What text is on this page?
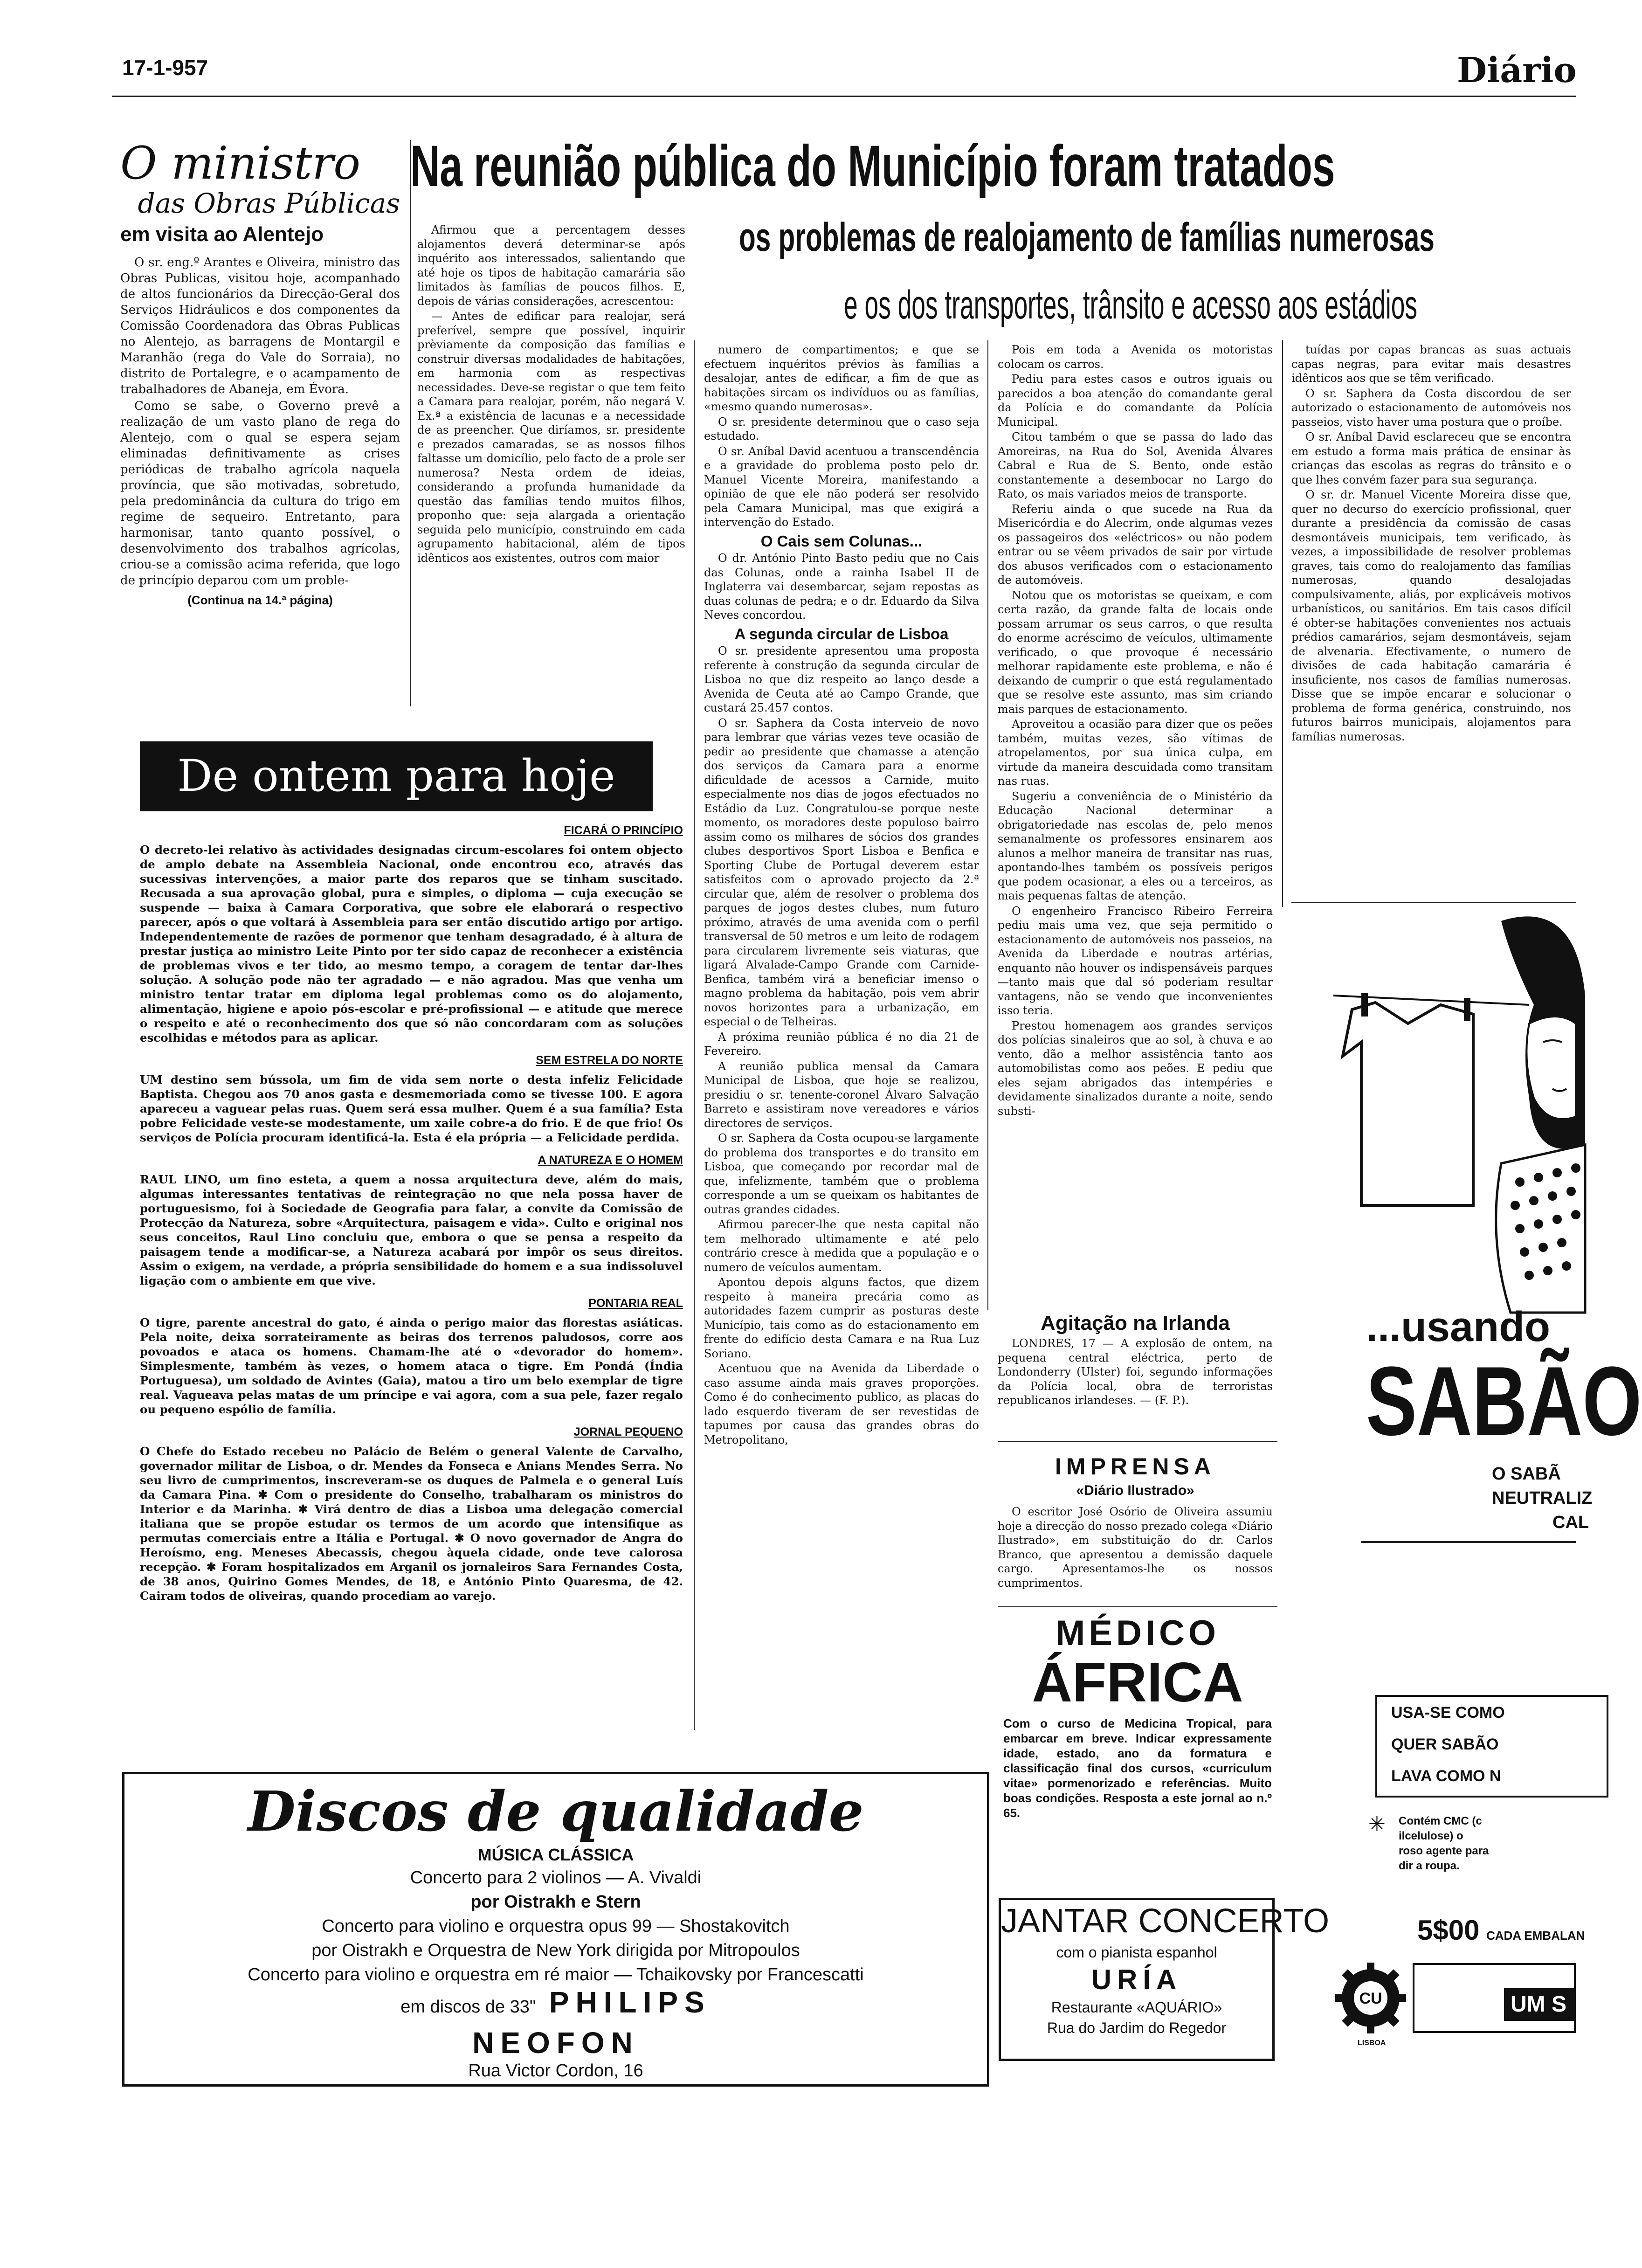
17-1-957	Diário
O ministro
das Obras Públicas
em visita ao Alentejo

O sr. eng.º Arantes e Oliveira, ministro das Obras Publicas, visitou hoje, acompanhado de altos funcionários da Direcção-Geral dos Serviços Hidráulicos e dos componentes da Comissão Coordenadora das Obras Publicas no Alentejo, as barragens de Montargil e Maranhão (rega do Vale do Sorraia), no distrito de Portalegre, e o acampamento de trabalhadores de Abaneja, em Évora.

Como se sabe, o Governo prevê a realização de um vasto plano de rega do Alentejo, com o qual se espera sejam eliminadas definitivamente as crises periódicas de trabalho agrícola naquela província, que são motivadas, sobretudo, pela predominância da cultura do trigo em regime de sequeiro. Entretanto, para harmonisar, tanto quanto possível, o desenvolvimento dos trabalhos agrícolas, criou-se a comissão acima referida, que logo de princípio deparou com um proble-

(Continua na 14.ª página)
Na reunião pública do Município foram tratados
os problemas de realojamento de famílias numerosas
e os dos transportes, trânsito e acesso aos estádios

Afirmou que a percentagem desses alojamentos deverá determinar-se após inquérito aos interessados, salientando que até hoje os tipos de habitação camarária são limitados às famílias de poucos filhos. E, depois de várias considerações, acrescentou:

— Antes de edificar para realojar, será preferível, sempre que possível, inquirir prèviamente da composição das famílias e construir diversas modalidades de habitações, em harmonia com as respectivas necessidades. Deve-se registar o que tem feito a Camara para realojar, porém, não negará V. Ex.ª a existência de lacunas e a necessidade de as preencher. Que diríamos, sr. presidente e prezados camaradas, se as nossos filhos faltasse um domicílio, pelo facto de a prole ser numerosa? Nesta ordem de ideias, considerando a profunda humanidade da questão das famílias tendo muitos filhos, proponho que: seja alargada a orientação seguida pelo município, construindo em cada agrupamento habitacional, além de tipos idênticos aos existentes, outros com maior

numero de compartimentos; e que se efectuem inquéritos prévios às famílias a desalojar, antes de edificar, a fim de que as habitações sircam os indivíduos ou as famílias, «mesmo quando numerosas».

O sr. presidente determinou que o caso seja estudado.

O sr. Aníbal David acentuou a transcendência e a gravidade do problema posto pelo dr. Manuel Vicente Moreira, manifestando a opinião de que ele não poderá ser resolvido pela Camara Municipal, mas que exigirá a intervenção do Estado.

O Cais sem Colunas...

O dr. António Pinto Basto pediu que no Cais das Colunas, onde a rainha Isabel II de Inglaterra vai desembarcar, sejam repostas as duas colunas de pedra; e o dr. Eduardo da Silva Neves concordou.

A segunda circular de Lisboa

O sr. presidente apresentou uma proposta referente à construção da segunda circular de Lisboa no que diz respeito ao lanço desde a Avenida de Ceuta até ao Campo Grande, que custará 25.457 contos.

O sr. Saphera da Costa interveio de novo para lembrar que várias vezes teve ocasião de pedir ao presidente que chamasse a atenção dos serviços da Camara para a enorme dificuldade de acessos a Carnide, muito especialmente nos dias de jogos efectuados no Estádio da Luz. Congratulou-se porque neste momento, os moradores deste populoso bairro assim como os milhares de sócios dos grandes clubes desportivos Sport Lisboa e Benfica e Sporting Clube de Portugal deverem estar satisfeitos com o aprovado projecto da 2.ª circular que, além de resolver o problema dos parques de jogos destes clubes, num futuro próximo, através de uma avenida com o perfil transversal de 50 metros e um leito de rodagem para circularem livremente seis viaturas, que ligará Alvalade-Campo Grande com Carnide-Benfica, também virá a beneficiar imenso o magno problema da habitação, pois vem abrir novos horizontes para a urbanização, em especial o de Telheiras.

A próxima reunião pública é no dia 21 de Fevereiro.

A reunião publica mensal da Camara Municipal de Lisboa, que hoje se realizou, presidiu o sr. tenente-coronel Álvaro Salvação Barreto e assistiram nove vereadores e vários directores de serviços.

O sr. Saphera da Costa ocupou-se largamente do problema dos transportes e do transito em Lisboa, que começando por recordar mal de que, infelizmente, também que o problema corresponde a um se queixam os habitantes de outras grandes cidades.

Afirmou parecer-lhe que nesta capital não tem melhorado ultimamente e até pelo contrário cresce à medida que a população e o numero de veículos aumentam.

Apontou depois alguns factos, que dizem respeito à maneira precária como as autoridades fazem cumprir as posturas deste Município, tais como as do estacionamento em frente do edifício desta Camara e na Rua Luz Soriano.

Acentuou que na Avenida da Liberdade o caso assume ainda mais graves proporções. Como é do conhecimento publico, as placas do lado esquerdo tiveram de ser revestidas de tapumes por causa das grandes obras do Metropolitano,

Pois em toda a Avenida os motoristas colocam os carros.

Pediu para estes casos e outros iguais ou parecidos a boa atenção do comandante geral da Polícia e do comandante da Polícia Municipal.

Citou também o que se passa do lado das Amoreiras, na Rua do Sol, Avenida Álvares Cabral e Rua de S. Bento, onde estão constantemente a desembocar no Largo do Rato, os mais variados meios de transporte.

Referiu ainda o que sucede na Rua da Misericórdia e do Alecrim, onde algumas vezes os passageiros dos «eléctricos» ou não podem entrar ou se vêem privados de sair por virtude dos abusos verificados com o estacionamento de automóveis.

Notou que os motoristas se queixam, e com certa razão, da grande falta de locais onde possam arrumar os seus carros, o que resulta do enorme acréscimo de veículos, ultimamente verificado, o que provoque é necessário melhorar rapidamente este problema, e não é deixando de cumprir o que está regulamentado que se resolve este assunto, mas sim criando mais parques de estacionamento.

Aproveitou a ocasião para dizer que os peões também, muitas vezes, são vítimas de atropelamentos, por sua única culpa, em virtude da maneira descuidada como transitam nas ruas.

Sugeriu a conveniência de o Ministério da Educação Nacional determinar a obrigatoriedade nas escolas de, pelo menos semanalmente os professores ensinarem aos alunos a melhor maneira de transitar nas ruas, apontando-lhes também os possíveis perigos que podem ocasionar, a eles ou a terceiros, as mais pequenas faltas de atenção.

O engenheiro Francisco Ribeiro Ferreira pediu mais uma vez, que seja permitido o estacionamento de automóveis nos passeios, na Avenida da Liberdade e noutras artérias, enquanto não houver os indispensáveis parques—tanto mais que dal só poderiam resultar vantagens, não se vendo que inconvenientes isso teria.

Prestou homenagem aos grandes serviços dos polícias sinaleiros que ao sol, à chuva e ao vento, dão a melhor assistência tanto aos automobilistas como aos peões. E pediu que eles sejam abrigados das intempéries e devidamente sinalizados durante a noite, sendo substi-

tuídas por capas brancas as suas actuais capas negras, para evitar mais desastres idênticos aos que se têm verificado.

O sr. Saphera da Costa discordou de ser autorizado o estacionamento de automóveis nos passeios, visto haver uma postura que o proíbe.

O sr. Aníbal David esclareceu que se encontra em estudo a forma mais prática de ensinar às crianças das escolas as regras do trânsito e o que lhes convém fazer para sua segurança.

O sr. dr. Manuel Vicente Moreira disse que, quer no decurso do exercício profissional, quer durante a presidência da comissão de casas desmontáveis municipais, tem verificado, às vezes, a impossibilidade de resolver problemas graves, tais como do realojamento das famílias numerosas, quando desalojadas compulsivamente, aliás, por explicáveis motivos urbanísticos, ou sanitários. Em tais casos difícil é obter-se habitações convenientes nos actuais prédios camarários, sejam desmontáveis, sejam de alvenaria. Efectivamente, o numero de divisões de cada habitação camarária é insuficiente, nos casos de famílias numerosas. Disse que se impõe encarar e solucionar o problema de forma genérica, construindo, nos futuros bairros municipais, alojamentos para famílias numerosas.

Agitação na Irlanda
LONDRES, 17 — A explosão de ontem, na pequena central eléctrica, perto de Londonderry (Ulster) foi, segundo informações da Polícia local, obra de terroristas republicanos irlandeses. — (F. P.).
IMPRENSA
«Diário Ilustrado»
O escritor José Osório de Oliveira assumiu hoje a direcção do nosso prezado colega «Diário Ilustrado», em substituição do dr. Carlos Branco, que apresentou a demissão daquele cargo. Apresentamos-lhe os nossos cumprimentos.
MÉDICO
ÁFRICA
Com o curso de Medicina Tropical, para embarcar em breve. Indicar expressamente idade, estado, ano da formatura e classificação final dos cursos, «curriculum vitae» pormenorizado e referências. Muito boas condições. Resposta a este jornal ao n.º 65.
JANTAR CONCERTO
com o pianista espanhol
URÍA
Restaurante «AQUÁRIO»
Rua do Jardim do Regedor
De ontem para hoje
FICARÁ O PRINCÍPIO

O decreto-lei relativo às actividades designadas circum-escolares foi ontem objecto de amplo debate na Assembleia Nacional, onde encontrou eco, através das sucessivas intervenções, a maior parte dos reparos que se tinham suscitado. Recusada a sua aprovação global, pura e simples, o diploma — cuja execução se suspende — baixa à Camara Corporativa, que sobre ele elaborará o respectivo parecer, após o que voltará à Assembleia para ser então discutido artigo por artigo. Independentemente de razões de pormenor que tenham desagradado, é à altura de prestar justiça ao ministro Leite Pinto por ter sido capaz de reconhecer a existência de problemas vivos e ter tido, ao mesmo tempo, a coragem de tentar dar-lhes solução. A solução pode não ter agradado — e não agradou. Mas que venha um ministro tentar tratar em diploma legal problemas como os do alojamento, alimentação, higiene e apoio pós-escolar e pré-profissional — e atitude que merece o respeito e até o reconhecimento dos que só não concordaram com as soluções escolhidas e métodos para as aplicar.

SEM ESTRELA DO NORTE

UM destino sem bússola, um fim de vida sem norte o desta infeliz Felicidade Baptista. Chegou aos 70 anos gasta e desmemoriada como se tivesse 100. E agora apareceu a vaguear pelas ruas. Quem será essa mulher. Quem é a sua família? Esta pobre Felicidade veste-se modestamente, um xaile cobre-a do frio. E de que frio! Os serviços de Polícia procuram identificá-la. Esta é ela própria — a Felicidade perdida.

A NATUREZA E O HOMEM

RAUL LINO, um fino esteta, a quem a nossa arquitectura deve, além do mais, algumas interessantes tentativas de reintegração no que nela possa haver de portuguesismo, foi à Sociedade de Geografia para falar, a convite da Comissão de Protecção da Natureza, sobre «Arquitectura, paisagem e vida». Culto e original nos seus conceitos, Raul Lino concluiu que, embora o que se pensa a respeito da paisagem tende a modificar-se, a Natureza acabará por impôr os seus direitos. Assim o exigem, na verdade, a própria sensibilidade do homem e a sua indissoluvel ligação com o ambiente em que vive.

PONTARIA REAL

O tigre, parente ancestral do gato, é ainda o perigo maior das florestas asiáticas. Pela noite, deixa sorrateiramente as beiras dos terrenos paludosos, corre aos povoados e ataca os homens. Chamam-lhe até o «devorador do homem». Simplesmente, também às vezes, o homem ataca o tigre. Em Pondá (Índia Portuguesa), um soldado de Avintes (Gaia), matou a tiro um belo exemplar de tigre real. Vagueava pelas matas de um príncipe e vai agora, com a sua pele, fazer regalo ou pequeno espólio de família.

JORNAL PEQUENO

O Chefe do Estado recebeu no Palácio de Belém o general Valente de Carvalho, governador militar de Lisboa, o dr. Mendes da Fonseca e Anians Mendes Serra. No seu livro de cumprimentos, inscreveram-se os duques de Palmela e o general Luís da Camara Pina. ✱ Com o presidente do Conselho, trabalharam os ministros do Interior e da Marinha. ✱ Virá dentro de dias a Lisboa uma delegação comercial italiana que se propõe estudar os termos de um acordo que intensifique as permutas comerciais entre a Itália e Portugal. ✱ O novo governador de Angra do Heroísmo, eng. Meneses Abecassis, chegou àquela cidade, onde teve calorosa recepção. ✱ Foram hospitalizados em Arganil os jornaleiros Sara Fernandes Costa, de 38 anos, Quirino Gomes Mendes, de 18, e António Pinto Quaresma, de 42. Cairam todos de oliveiras, quando procediam ao varejo.

Discos de qualidade
MÚSICA CLÁSSICA
Concerto para 2 violinos — A. Vivaldi
por Oistrakh e Stern
Concerto para violino e orquestra opus 99 — Shostakovitch
por Oistrakh e Orquestra de New York dirigida por Mitropoulos
Concerto para violino e orquestra em ré maior — Tchaikovsky por Francescatti
em discos de 33" PHILIPS
NEOFON
Rua Victor Cordon, 16
...usando
SABÃO
O SABÃ
NEUTRALIZ
CAL
USA-SE COMO
QUER SABÃO
LAVA COMO N
✳ Contém CMC (c
ilcelulose) o
roso agente para
dir a roupa.
5$00 CADA EMBALAN
CU
LISBOA
UM S
